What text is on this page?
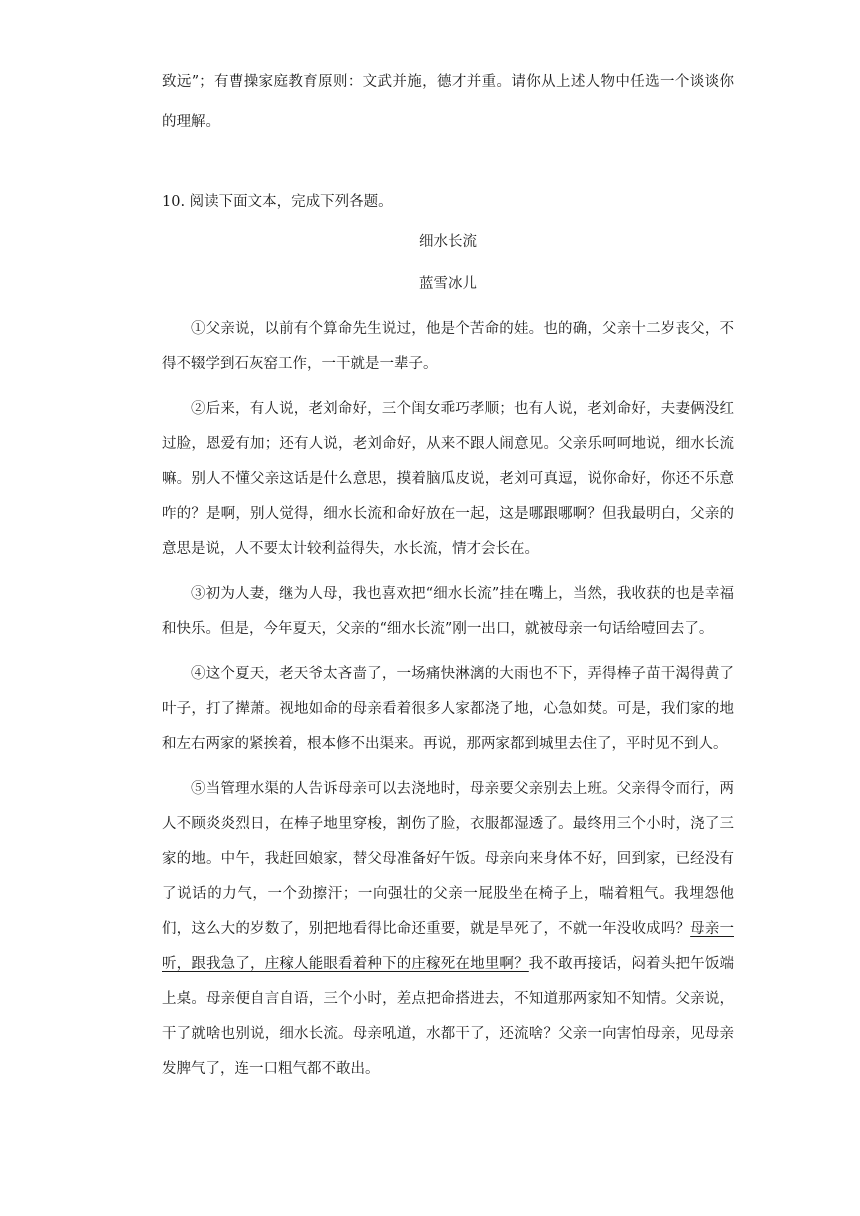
致远”；有曹操家庭教育原则：文武并施，德才并重。请你从上述人物中任选一个谈谈你的理解。
10. 阅读下面文本，完成下列各题。
细水长流
蓝雪冰儿

①父亲说，以前有个算命先生说过，他是个苦命的娃。也的确，父亲十二岁丧父，不得不辍学到石灰窑工作，一干就是一辈子。

②后来，有人说，老刘命好，三个闺女乖巧孝顺；也有人说，老刘命好，夫妻俩没红过脸，恩爱有加；还有人说，老刘命好，从来不跟人闹意见。父亲乐呵呵地说，细水长流嘛。别人不懂父亲这话是什么意思，摸着脑瓜皮说，老刘可真逗，说你命好，你还不乐意咋的？是啊，别人觉得，细水长流和命好放在一起，这是哪跟哪啊？但我最明白，父亲的意思是说，人不要太计较利益得失，水长流，情才会长在。

③初为人妻，继为人母，我也喜欢把“细水长流”挂在嘴上，当然，我收获的也是幸福和快乐。但是，今年夏天，父亲的“细水长流”刚一出口，就被母亲一句话给噎回去了。

④这个夏天，老天爷太吝啬了，一场痛快淋漓的大雨也不下，弄得棒子苗干渴得黄了叶子，打了撵萧。视地如命的母亲看着很多人家都浇了地，心急如焚。可是，我们家的地和左右两家的紧挨着，根本修不出渠来。再说，那两家都到城里去住了，平时见不到人。

⑤当管理水渠的人告诉母亲可以去浇地时，母亲要父亲别去上班。父亲得令而行，两人不顾炎炎烈日，在棒子地里穿梭，割伤了脸，衣服都湿透了。最终用三个小时，浇了三家的地。中午，我赶回娘家，替父母准备好午饭。母亲向来身体不好，回到家，已经没有了说话的力气，一个劲擦汗；一向强壮的父亲一屁股坐在椅子上，喘着粗气。我埋怨他们，这么大的岁数了，别把地看得比命还重要，就是旱死了，不就一年没收成吗？母亲一听，跟我急了，庄稼人能眼看着种下的庄稼死在地里啊？我不敢再接话，闷着头把午饭端上桌。母亲便自言自语，三个小时，差点把命搭进去，不知道那两家知不知情。父亲说，干了就啥也别说，细水长流。母亲吼道，水都干了，还流啥？父亲一向害怕母亲，见母亲发脾气了，连一口粗气都不敢出。
